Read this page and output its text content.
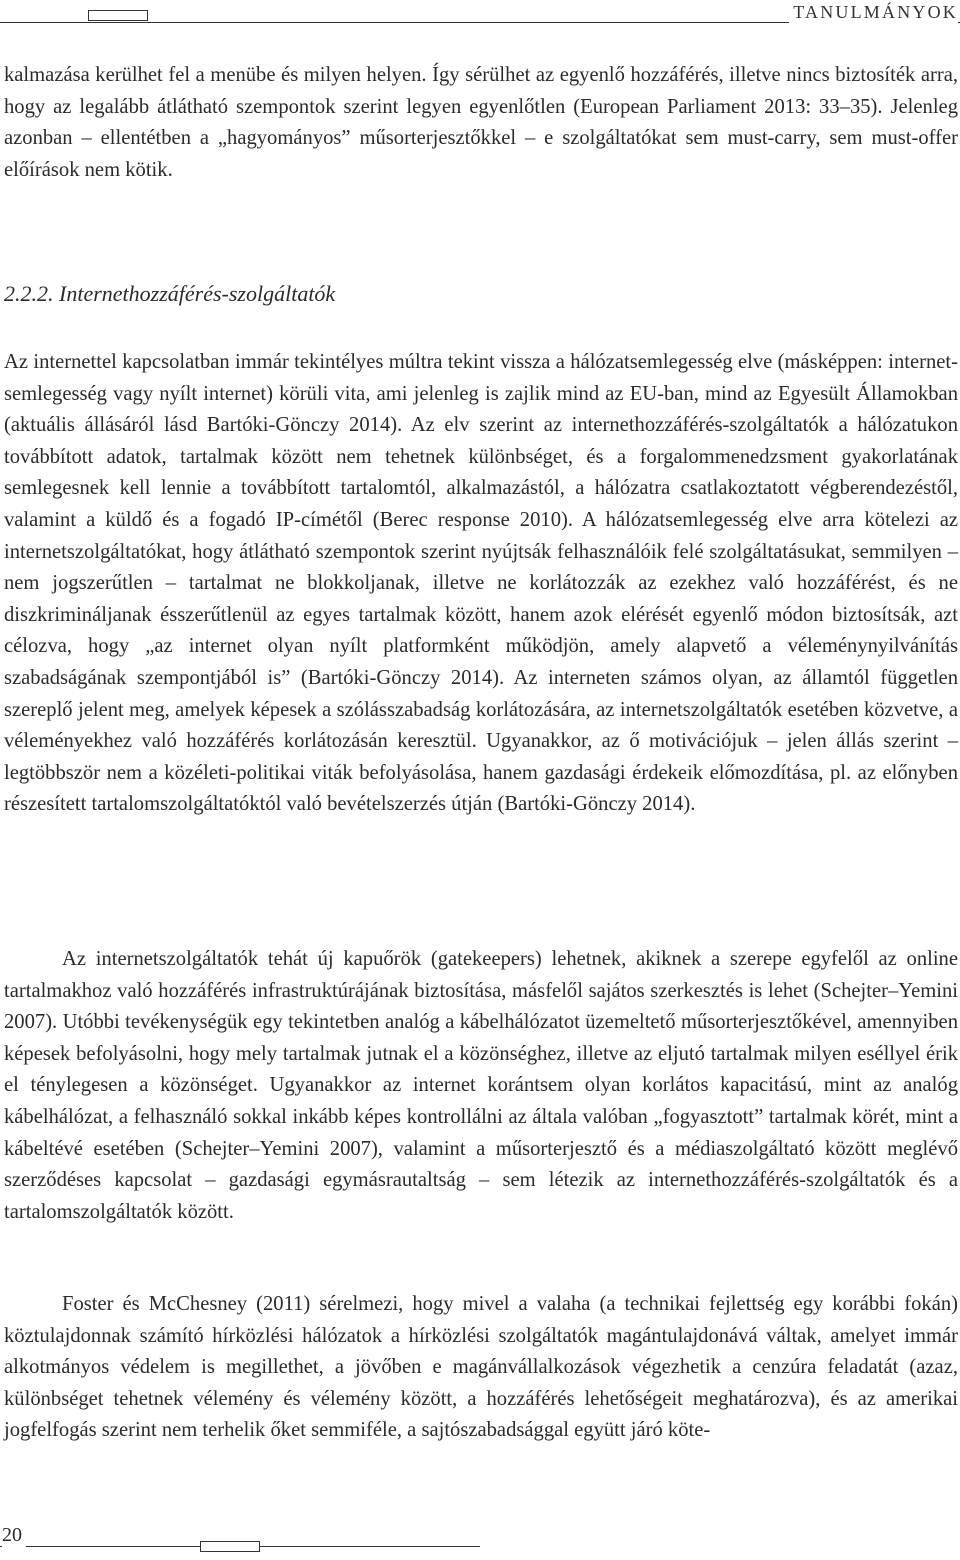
TANULMÁNYOK

kalmazása kerülhet fel a menübe és milyen helyen. Így sérülhet az egyenlő hozzáférés, illetve nincs biztosíték arra, hogy az legalább átlátható szempontok szerint legyen egyenlőtlen (European Parliament 2013: 33–35). Jelenleg azonban – ellentétben a „hagyományos” műsorterjesztőkkel – e szolgáltatókat sem must-carry, sem must-offer előírások nem kötik.

2.2.2. Internethozzáférés-szolgáltatók

Az internettel kapcsolatban immár tekintélyes múltra tekint vissza a hálózatsemlegesség elve (másképpen: internet-semlegesség vagy nyílt internet) körüli vita, ami jelenleg is zajlik mind az EU-ban, mind az Egyesült Államokban (aktuális állásáról lásd Bartóki-Gönczy 2014). Az elv szerint az internethozzáférés-szolgáltatók a hálózatukon továbbított adatok, tartalmak között nem tehetnek különbséget, és a forgalommenedzsment gyakorlatának semlegesnek kell lennie a továbbított tartalomtól, alkalmazástól, a hálózatra csatlakoztatott végberendezéstől, valamint a küldő és a fogadó IP-címétől (Berec response 2010). A hálózatsemlegesség elve arra kötelezi az internetszolgáltatókat, hogy átlátható szempontok szerint nyújtsák felhasználóik felé szolgáltatásukat, semmilyen – nem jogszerűtlen – tartalmat ne blokkoljanak, illetve ne korlátozzák az ezekhez való hozzáférést, és ne diszkrimináljanak ésszerűtlenül az egyes tartalmak között, hanem azok elérését egyenlő módon biztosítsák, azt célozva, hogy „az internet olyan nyílt platformként működjön, amely alapvető a véleménynyilvánítás szabadságának szempontjából is” (Bartóki-Gönczy 2014). Az interneten számos olyan, az államtól független szereplő jelent meg, amelyek képesek a szólásszabadság korlátozására, az internetszolgáltatók esetében közvetve, a véleményekhez való hozzáférés korlátozásán keresztül. Ugyanakkor, az ő motivációjuk – jelen állás szerint – legtöbbször nem a közéleti-politikai viták befolyásolása, hanem gazdasági érdekeik előmozdítása, pl. az előnyben részesített tartalomszolgáltatóktól való bevételszerzés útján (Bartóki-Gönczy 2014).

Az internetszolgáltatók tehát új kapuőrök (gatekeepers) lehetnek, akiknek a szerepe egyfelől az online tartalmakhoz való hozzáférés infrastruktúrájának biztosítása, másfelől sajátos szerkesztés is lehet (Schejter–Yemini 2007). Utóbbi tevékenységük egy tekintetben analóg a kábelhálózatot üzemeltető műsorterjesztőkével, amennyiben képesek befolyásolni, hogy mely tartalmak jutnak el a közönséghez, illetve az eljutó tartalmak milyen eséllyel érik el ténylegesen a közönséget. Ugyanakkor az internet korántsem olyan korlátos kapacitású, mint az analóg kábelhálózat, a felhasználó sokkal inkább képes kontrollálni az általa valóban „fogyasztott” tartalmak körét, mint a kábeltévé esetében (Schejter–Yemini 2007), valamint a műsorterjesztő és a médiaszolgáltató között meglévő szerződéses kapcsolat – gazdasági egymásrautaltság – sem létezik az internethozzáférés-szolgáltatók és a tartalomszolgáltatók között.

Foster és McChesney (2011) sérelmezi, hogy mivel a valaha (a technikai fejlettség egy korábbi fokán) köztulajdonnak számító hírközlési hálózatok a hírközlési szolgáltatók magántulajdonává váltak, amelyet immár alkotmányos védelem is megillethet, a jövőben e magánvállalkozások végezhetik a cenzúra feladatát (azaz, különbséget tehetnek vélemény és vélemény között, a hozzáférés lehetőségeit meghatározva), és az amerikai jogfelfogás szerint nem terhelik őket semmiféle, a sajtószabadsággal együtt járó köte-

20
